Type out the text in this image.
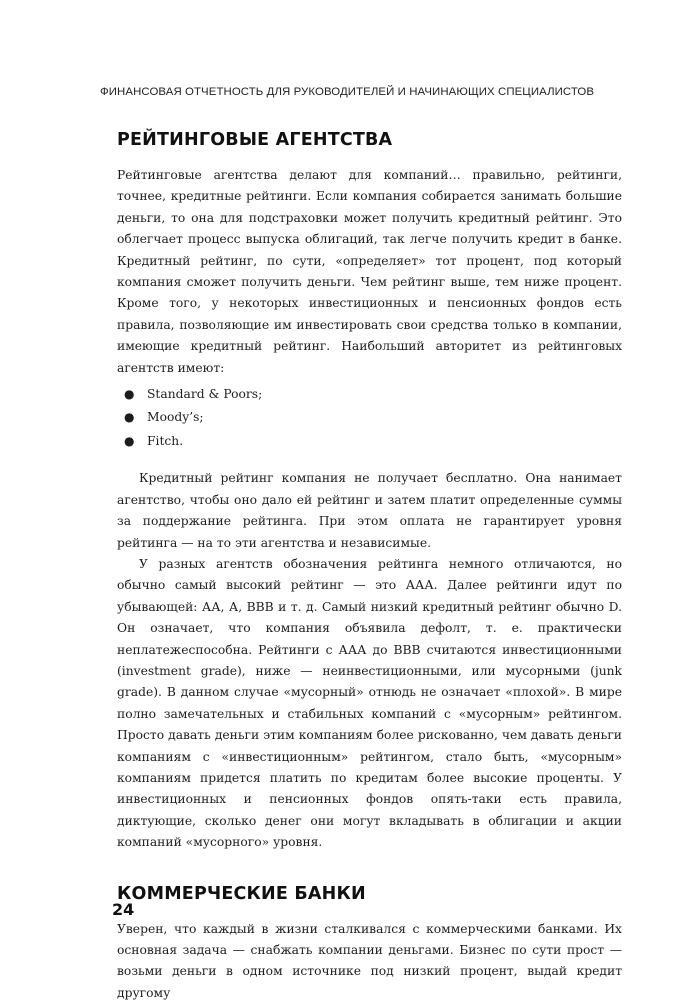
ФИНАНСОВАЯ ОТЧЕТНОСТЬ ДЛЯ РУКОВОДИТЕЛЕЙ И НАЧИНАЮЩИХ СПЕЦИАЛИСТОВ
РЕЙТИНГОВЫЕ АГЕНТСТВА

Рейтинговые агентства делают для компаний… правильно, рейтинги, точнее, кредитные рейтинги. Если компания собирается занимать большие деньги, то она для подстраховки может получить кредитный рейтинг. Это облегчает процесс выпуска облигаций, так легче получить кредит в банке. Кредитный рейтинг, по сути, «определяет» тот процент, под который компания сможет получить деньги. Чем рейтинг выше, тем ниже процент. Кроме того, у некоторых инвестиционных и пенсионных фондов есть правила, позволяющие им инвестировать свои средства только в компании, имеющие кредитный рейтинг. Наибольший авторитет из рейтинговых агентств имеют:

● Standard & Poors;
● Moody’s;
● Fitch.

Кредитный рейтинг компания не получает бесплатно. Она нанимает агентство, чтобы оно дало ей рейтинг и затем платит определенные суммы за поддержание рейтинга. При этом оплата не гарантирует уровня рейтинга — на то эти агентства и независимые.

У разных агентств обозначения рейтинга немного отличаются, но обычно самый высокий рейтинг — это ААА. Далее рейтинги идут по убывающей: АА, А, ВВВ и т. д. Самый низкий кредитный рейтинг обычно D. Он означает, что компания объявила дефолт, т. е. практически неплатежеспособна. Рейтинги с ААА до ВВВ считаются инвестиционными (investment grade), ниже — неинвестиционными, или мусорными (junk grade). В данном случае «мусорный» отнюдь не означает «плохой». В мире полно замечательных и стабильных компаний с «мусорным» рейтингом. Просто давать деньги этим компаниям более рискованно, чем давать деньги компаниям с «инвестиционным» рейтингом, стало быть, «мусорным» компаниям придется платить по кредитам более высокие проценты. У инвестиционных и пенсионных фондов опять-таки есть правила, диктующие, сколько денег они могут вкладывать в облигации и акции компаний «мусорного» уровня.

КОММЕРЧЕСКИЕ БАНКИ

Уверен, что каждый в жизни сталкивался с коммерческими банками. Их основная задача — снабжать компании деньгами. Бизнес по сути прост — возьми деньги в одном источнике под низкий процент, выдай кредит другому

24
